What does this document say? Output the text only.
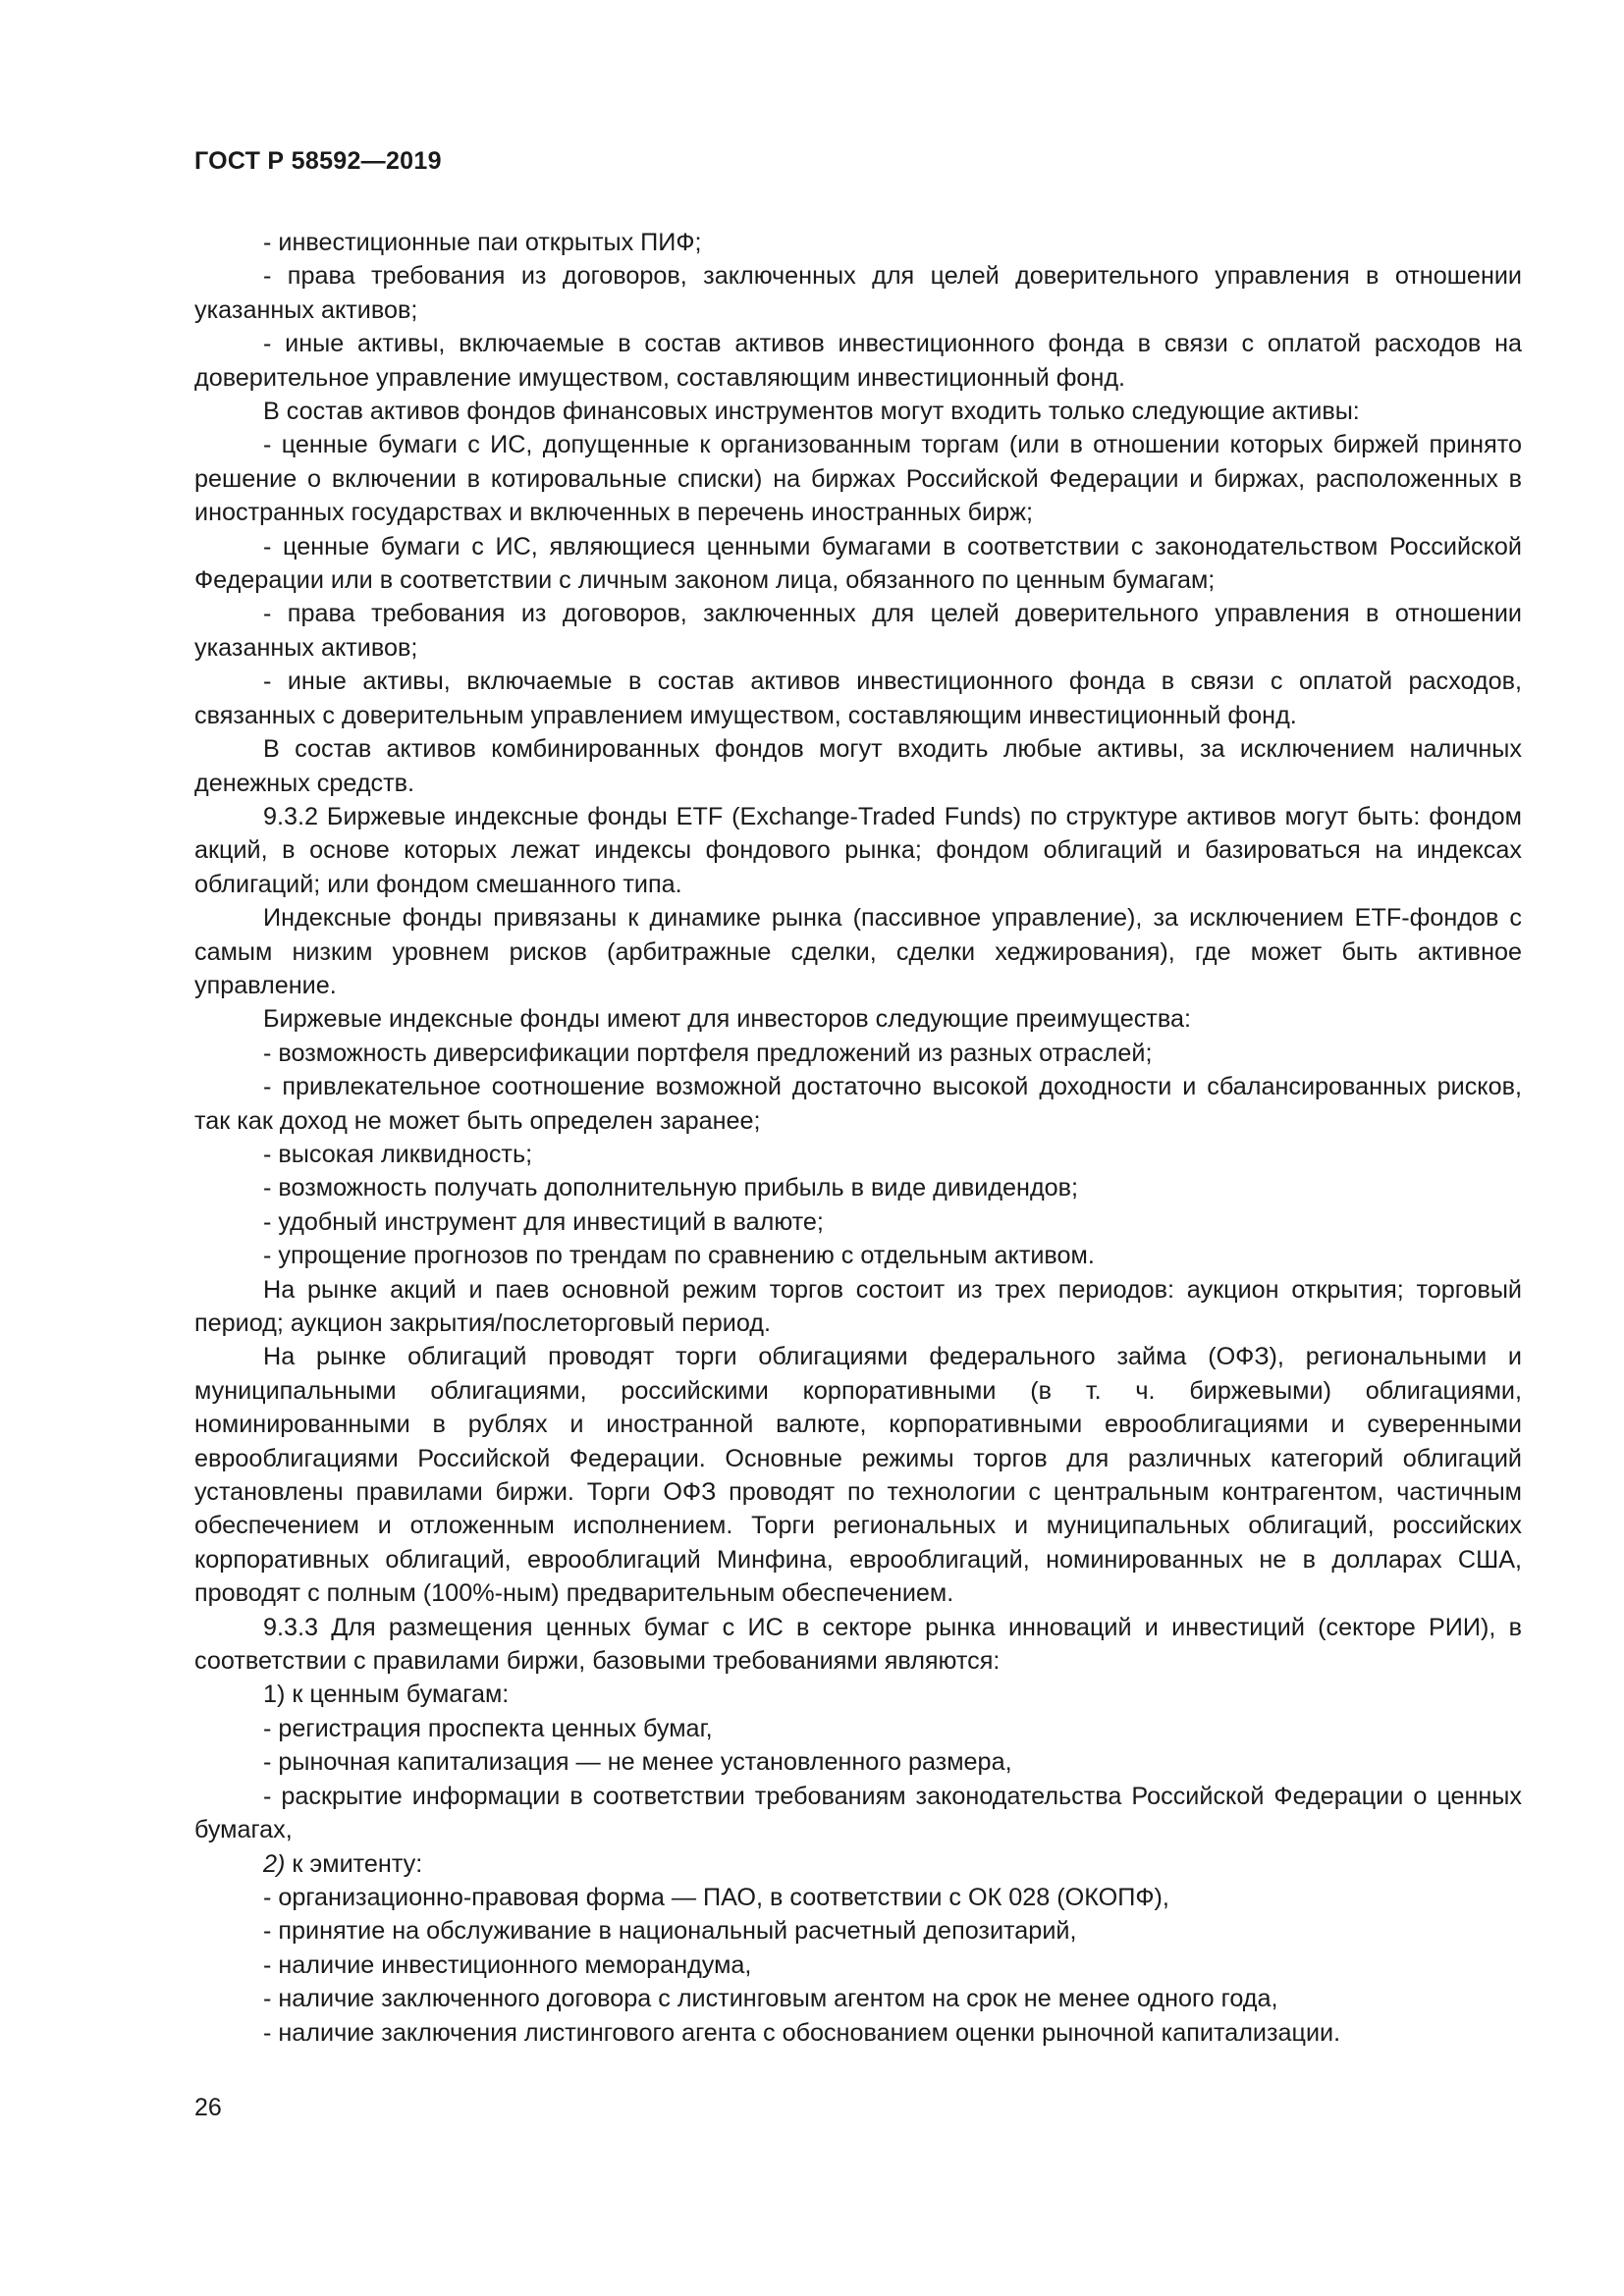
ГОСТ Р 58592—2019

- инвестиционные паи открытых ПИФ;

- права требования из договоров, заключенных для целей доверительного управления в отношении указанных активов;

- иные активы, включаемые в состав активов инвестиционного фонда в связи с оплатой расходов на доверительное управление имуществом, составляющим инвестиционный фонд.

В состав активов фондов финансовых инструментов могут входить только следующие активы:

- ценные бумаги с ИС, допущенные к организованным торгам (или в отношении которых биржей принято решение о включении в котировальные списки) на биржах Российской Федерации и биржах, расположенных в иностранных государствах и включенных в перечень иностранных бирж;

- ценные бумаги с ИС, являющиеся ценными бумагами в соответствии с законодательством Российской Федерации или в соответствии с личным законом лица, обязанного по ценным бумагам;

- права требования из договоров, заключенных для целей доверительного управления в отношении указанных активов;

- иные активы, включаемые в состав активов инвестиционного фонда в связи с оплатой расходов, связанных с доверительным управлением имуществом, составляющим инвестиционный фонд.

В состав активов комбинированных фондов могут входить любые активы, за исключением наличных денежных средств.

9.3.2 Биржевые индексные фонды ETF (Exchange-Traded Funds) по структуре активов могут быть: фондом акций, в основе которых лежат индексы фондового рынка; фондом облигаций и базироваться на индексах облигаций; или фондом смешанного типа.

Индексные фонды привязаны к динамике рынка (пассивное управление), за исключением ETF-фондов с самым низким уровнем рисков (арбитражные сделки, сделки хеджирования), где может быть активное управление.

Биржевые индексные фонды имеют для инвесторов следующие преимущества:

- возможность диверсификации портфеля предложений из разных отраслей;

- привлекательное соотношение возможной достаточно высокой доходности и сбалансированных рисков, так как доход не может быть определен заранее;

- высокая ликвидность;

- возможность получать дополнительную прибыль в виде дивидендов;

- удобный инструмент для инвестиций в валюте;

- упрощение прогнозов по трендам по сравнению с отдельным активом.

На рынке акций и паев основной режим торгов состоит из трех периодов: аукцион открытия; торговый период; аукцион закрытия/послеторговый период.

На рынке облигаций проводят торги облигациями федерального займа (ОФЗ), региональными и муниципальными облигациями, российскими корпоративными (в т. ч. биржевыми) облигациями, номинированными в рублях и иностранной валюте, корпоративными еврооблигациями и суверенными еврооблигациями Российской Федерации. Основные режимы торгов для различных категорий облигаций установлены правилами биржи. Торги ОФЗ проводят по технологии с центральным контрагентом, частичным обеспечением и отложенным исполнением. Торги региональных и муниципальных облигаций, российских корпоративных облигаций, еврооблигаций Минфина, еврооблигаций, номинированных не в долларах США, проводят с полным (100%-ным) предварительным обеспечением.

9.3.3 Для размещения ценных бумаг с ИС в секторе рынка инноваций и инвестиций (секторе РИИ), в соответствии с правилами биржи, базовыми требованиями являются:

1) к ценным бумагам:

- регистрация проспекта ценных бумаг,

- рыночная капитализация — не менее установленного размера,

- раскрытие информации в соответствии требованиям законодательства Российской Федерации о ценных бумагах,

2) к эмитенту:

- организационно-правовая форма — ПАО, в соответствии с ОК 028 (ОКОПФ),

- принятие на обслуживание в национальный расчетный депозитарий,

- наличие инвестиционного меморандума,

- наличие заключенного договора с листинговым агентом на срок не менее одного года,

- наличие заключения листингового агента с обоснованием оценки рыночной капитализации.

26
